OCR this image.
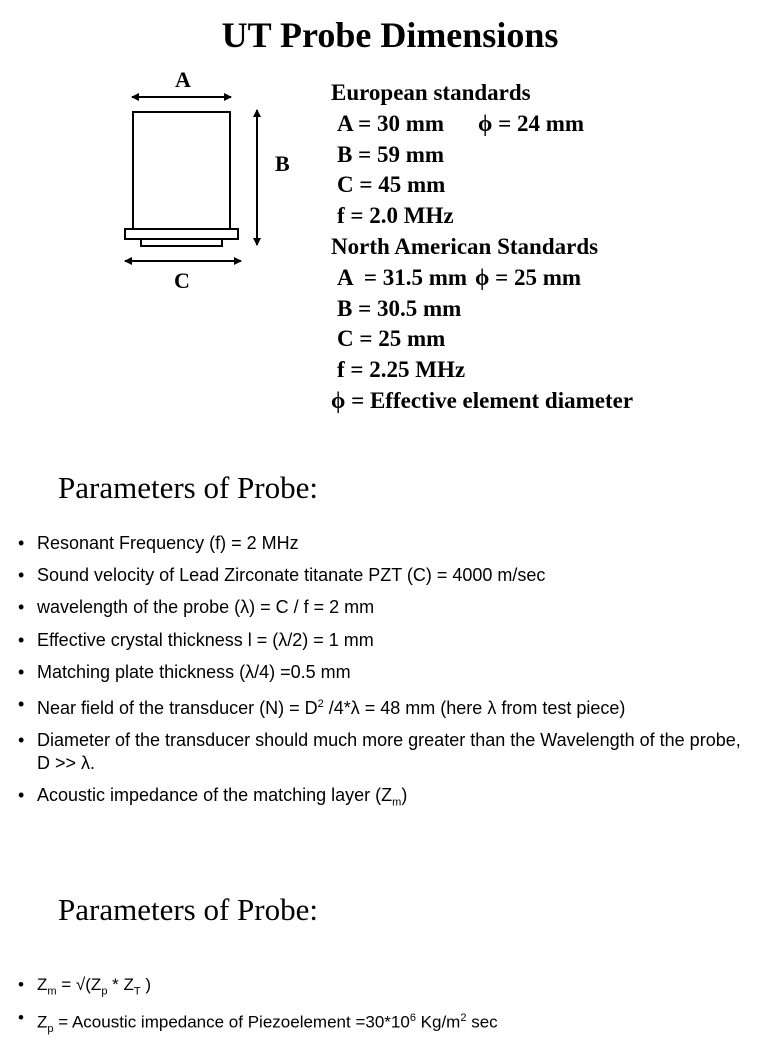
UT Probe Dimensions
A
B
C
European standards
A = 30 mm ϕ = 24 mm
B = 59 mm
C = 45 mm
f = 2.0 MHz
North American Standards
A  = 31.5 mm ϕ = 25 mm
B = 30.5 mm
C = 25 mm
f = 2.25 MHz
ϕ = Effective element diameter
Parameters of Probe:
• Resonant Frequency (f) = 2 MHz
• Sound velocity of Lead Zirconate titanate PZT (C) = 4000 m/sec
• wavelength of the probe (λ) = C / f = 2 mm
• Effective crystal thickness l = (λ/2) = 1 mm
• Matching plate thickness (λ/4) =0.5 mm
• Near field of the transducer $(N) = D^2$ /4*λ = 48 mm (here λ from test piece)
• Diameter of the transducer should much more greater than the Wavelength of the probe, D >> λ.
• Acoustic impedance of the matching layer $(Z_m)$
Parameters of Probe:
• $Z_m = √(Z_p * Z_T$ )
• $Z_p$ = Acoustic impedance of Piezoelement $=30*10^6$ $Kg/m^2$ sec
